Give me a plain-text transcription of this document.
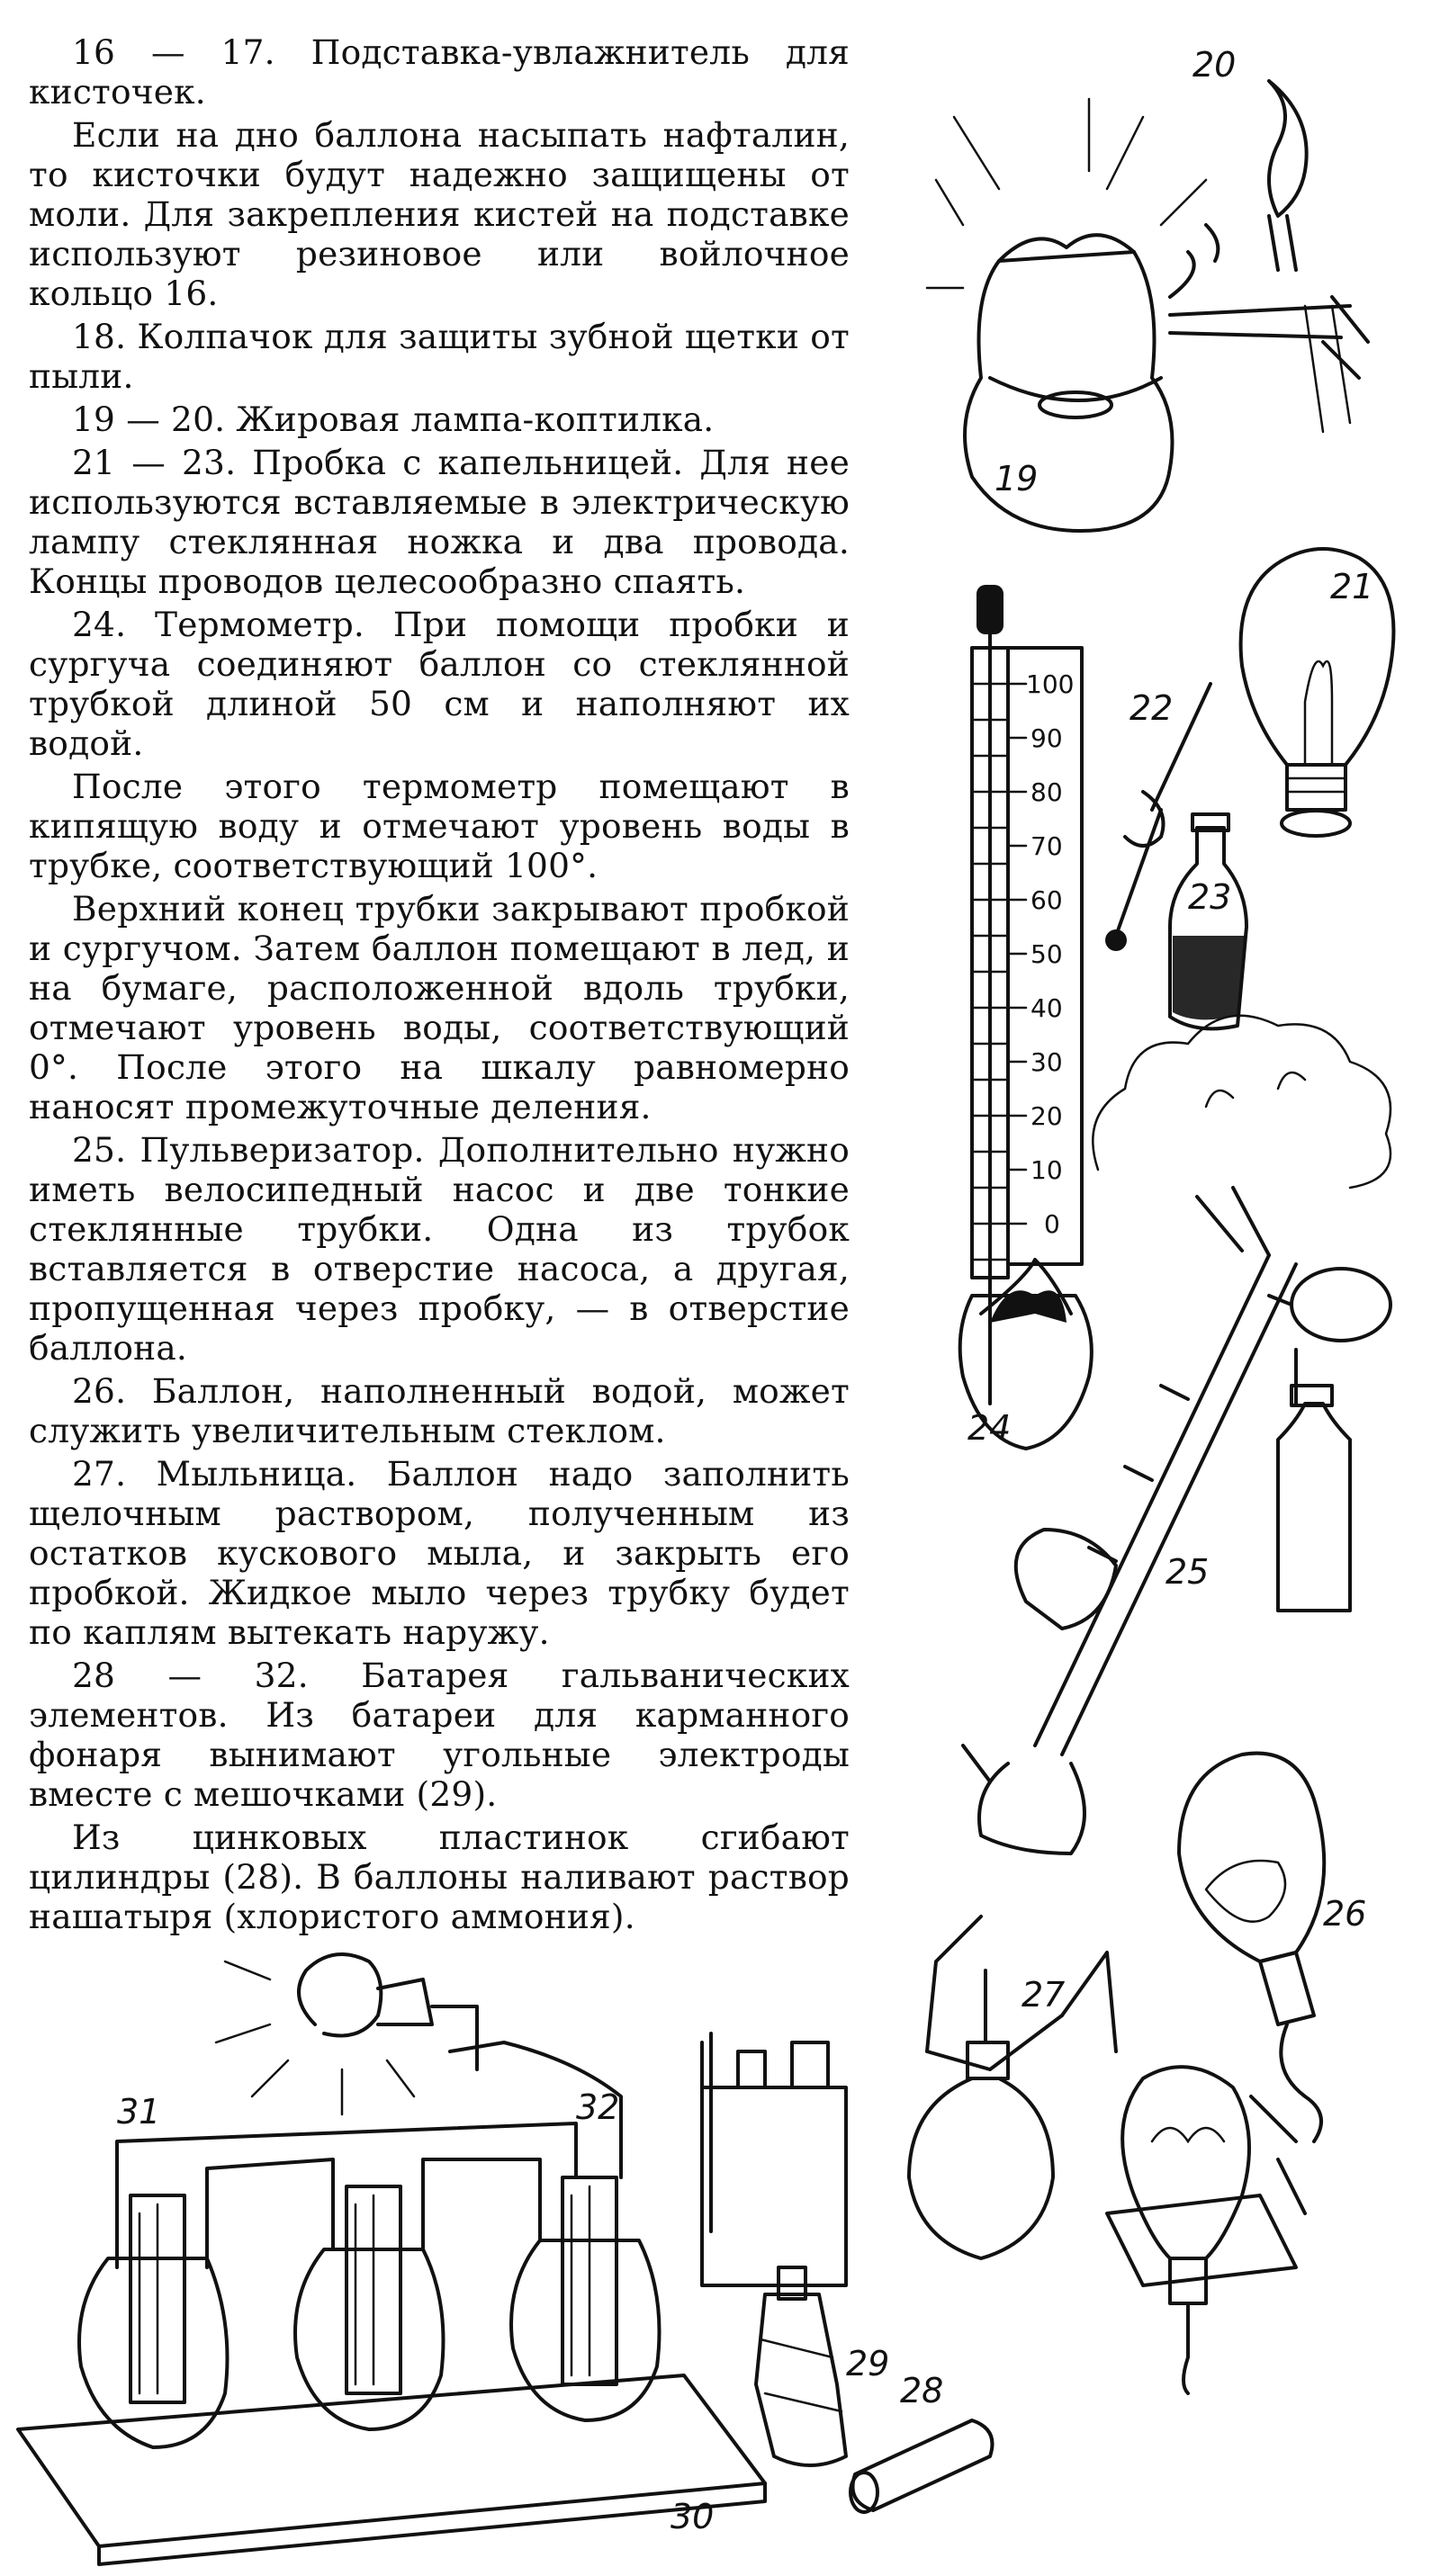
16 — 17. Подставка-увлажнитель для кисточек.

Если на дно баллона насыпать нафталин, то кисточки будут надежно защищены от моли. Для закрепления кистей на подставке используют резиновое или войлочное кольцо 16.

18. Колпачок для защиты зубной щетки от пыли.

19 — 20. Жировая лампа-коптилка.

21 — 23. Пробка с капельницей. Для нее используются вставляемые в электрическую лампу стеклянная ножка и два провода. Концы проводов целесообразно спаять.

24. Термометр. При помощи пробки и сургуча соединяют баллон со стеклянной трубкой длиной 50 см и наполняют их водой.

После этого термометр помещают в кипящую воду и отмечают уровень воды в трубке, соответствующий 100°.

Верхний конец трубки закрывают пробкой и сургучом. Затем баллон помещают в лед, и на бумаге, расположенной вдоль трубки, отмечают уровень воды, соответствующий 0°. После этого на шкалу равномерно наносят промежуточные деления.

25. Пульверизатор. Дополнительно нужно иметь велосипедный насос и две тонкие стеклянные трубки. Одна из трубок вставляется в отверстие насоса, а другая, пропущенная через пробку, — в отверстие баллона.

26. Баллон, наполненный водой, может служить увеличительным стеклом.

27. Мыльница. Баллон надо заполнить щелочным раствором, полученным из остатков кускового мыла, и закрыть его пробкой. Жидкое мыло через трубку будет по каплям вытекать наружу.

28 — 32. Батарея гальванических элементов. Из батареи для карманного фонаря вынимают угольные электроды вместе с мешочками (29).

Из цинковых пластинок сгибают цилиндры (28). В баллоны наливают раствор нашатыря (хлористого аммония).

19
20
21
22
23
100
90
80
70
60
50
40
30
20
10
0
24
25
26
27
28
29
31	32
30
